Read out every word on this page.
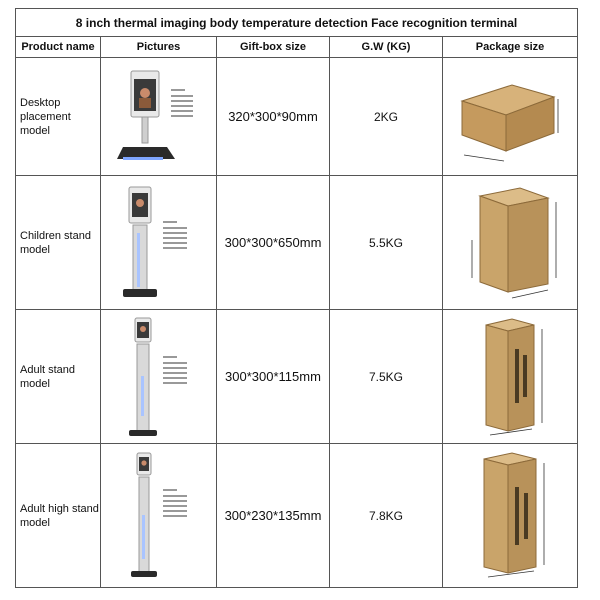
8 inch thermal imaging body temperature detection Face recognition terminal				
Product name	Pictures	Gift-box size	G.W (KG)	Package size

Desktop
placement model		320*300*90mm	2KG	

Children stand
model		300*300*650mm	5.5KG	

Adult stand
model		300*300*115mm	7.5KG	

Adult high stand
model		300*230*135mm	7.8KG	
